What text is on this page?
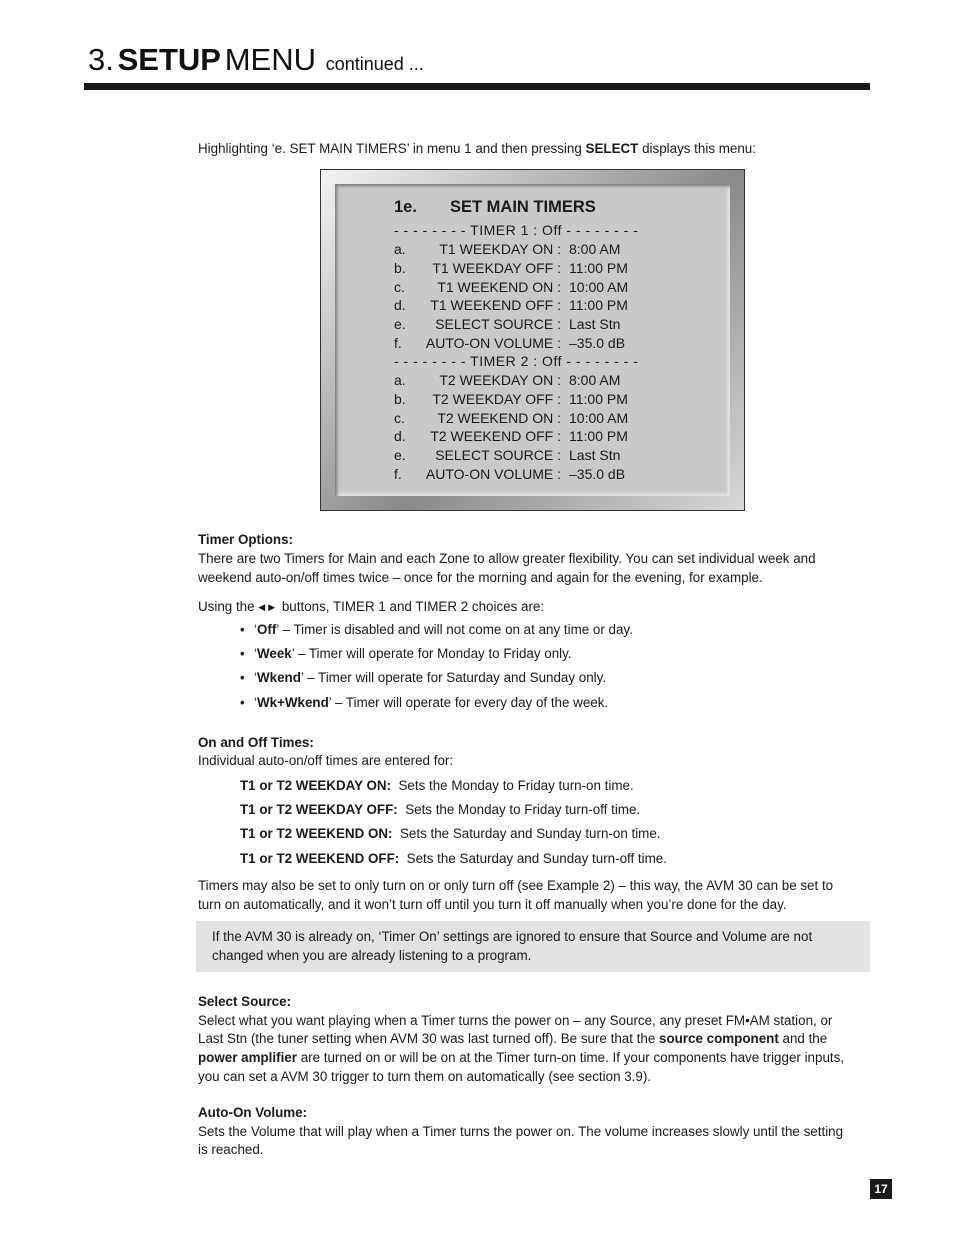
3. SETUP MENU continued ...
Highlighting ‘e. SET MAIN TIMERS’ in menu 1 and then pressing SELECT displays this menu:
1e. SET MAIN TIMERS
- - - - - - - - TIMER 1 : Off - - - - - - - -
a. T1 WEEKDAY ON : 8:00 AM
b. T1 WEEKDAY OFF : 11:00 PM
c. T1 WEEKEND ON : 10:00 AM
d. T1 WEEKEND OFF : 11:00 PM
e. SELECT SOURCE : Last Stn
f. AUTO-ON VOLUME : –35.0 dB
- - - - - - - - TIMER 2 : Off - - - - - - - -
a. T2 WEEKDAY ON : 8:00 AM
b. T2 WEEKDAY OFF : 11:00 PM
c. T2 WEEKEND ON : 10:00 AM
d. T2 WEEKEND OFF : 11:00 PM
e. SELECT SOURCE : Last Stn
f. AUTO-ON VOLUME : –35.0 dB
Timer Options:
There are two Timers for Main and each Zone to allow greater flexibility. You can set individual week and
weekend auto-on/off times twice – once for the morning and again for the evening, for example.
Using the ◀▶ buttons, TIMER 1 and TIMER 2 choices are:
• ‘Off’ – Timer is disabled and will not come on at any time or day.
• ‘Week’ – Timer will operate for Monday to Friday only.
• ‘Wkend’ – Timer will operate for Saturday and Sunday only.
• ‘Wk+Wkend’ – Timer will operate for every day of the week.
On and Off Times:
Individual auto-on/off times are entered for:
T1 or T2 WEEKDAY ON: Sets the Monday to Friday turn-on time.
T1 or T2 WEEKDAY OFF: Sets the Monday to Friday turn-off time.
T1 or T2 WEEKEND ON: Sets the Saturday and Sunday turn-on time.
T1 or T2 WEEKEND OFF: Sets the Saturday and Sunday turn-off time.
Timers may also be set to only turn on or only turn off (see Example 2) – this way, the AVM 30 can be set to
turn on automatically, and it won’t turn off until you turn it off manually when you’re done for the day.
If the AVM 30 is already on, ‘Timer On’ settings are ignored to ensure that Source and Volume are not
changed when you are already listening to a program.
Select Source:
Select what you want playing when a Timer turns the power on – any Source, any preset FM•AM station, or
Last Stn (the tuner setting when AVM 30 was last turned off). Be sure that the source component and the
power amplifier are turned on or will be on at the Timer turn-on time. If your components have trigger inputs,
you can set a AVM 30 trigger to turn them on automatically (see section 3.9).
Auto-On Volume:
Sets the Volume that will play when a Timer turns the power on. The volume increases slowly until the setting
is reached.
17
